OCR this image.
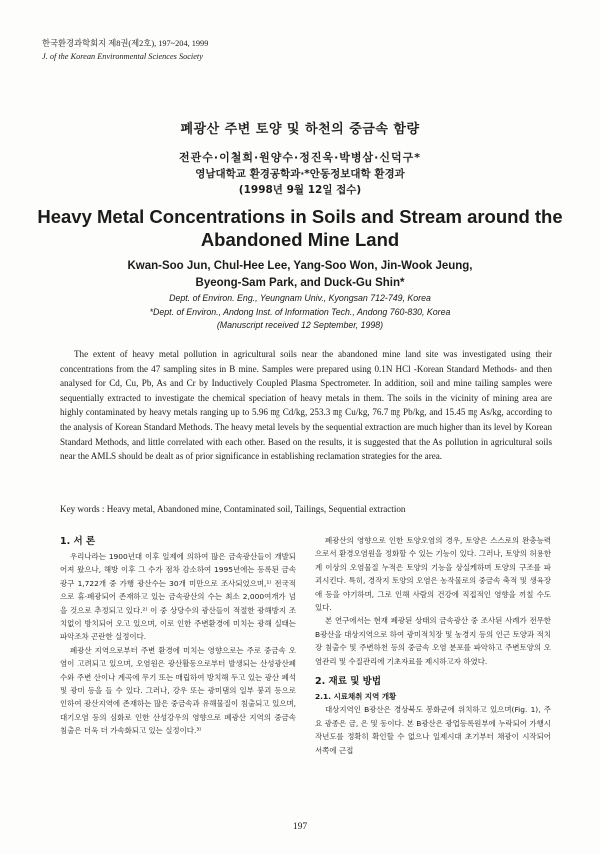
한국환경과학회지 제8권(제2호), 197~204, 1999
J. of the Korean Environmental Sciences Society
폐광산 주변 토양 및 하천의 중금속 함량
전관수·이철희·원양수·정진욱·박병삼·신덕구*
영남대학교 환경공학과·*안동정보대학 환경과
(1998년 9월 12일 접수)
Heavy Metal Concentrations in Soils and Stream around the
Abandoned Mine Land
Kwan-Soo Jun, Chul-Hee Lee, Yang-Soo Won, Jin-Wook Jeung,
Byeong-Sam Park, and Duck-Gu Shin*
Dept. of Environ. Eng., Yeungnam Univ., Kyongsan 712-749, Korea
*Dept. of Environ., Andong Inst. of Information Tech., Andong 760-830, Korea
(Manuscript received 12 September, 1998)

The extent of heavy metal pollution in agricultural soils near the abandoned mine land site was investigated using their concentrations from the 47 sampling sites in B mine. Samples were prepared using 0.1N HCl -Korean Standard Methods- and then analysed for Cd, Cu, Pb, As and Cr by Inductively Coupled Plasma Spectrometer. In addition, soil and mine tailing samples were sequentially extracted to investigate the chemical speciation of heavy metals in them. The soils in the vicinity of mining area are highly contaminated by heavy metals ranging up to 5.96 ㎎ Cd/kg, 253.3 ㎎ Cu/kg, 76.7 ㎎ Pb/kg, and 15.45 ㎎ As/kg, according to the analysis of Korean Standard Methods. The heavy metal levels by the sequential extraction are much higher than its level by Korean Standard Methods, and little correlated with each other. Based on the results, it is suggested that the As pollution in agricultural soils near the AMLS should be dealt as of prior significance in establishing reclamation strategies for the area.

Key words : Heavy metal, Abandoned mine, Contaminated soil, Tailings, Sequential extraction

1. 서 론

우리나라는 1900년대 이후 일제에 의하여 많은 금속광산들이 개발되어져 왔으나, 해방 이후 그 수가 점차 감소하여 1995년에는 등록된 금속광구 1,722개 중 가행 광산수는 30개 미만으로 조사되었으며,¹⁾ 전국적으로 휴·폐광되어 존재하고 있는 금속광산의 수는 최소 2,000여개가 넘을 것으로 추정되고 있다.²⁾ 이 중 상당수의 광산들이 적절한 광해방지 조치없이 방치되어 오고 있으며, 이로 인한 주변환경에 미치는 광해 실태는 파악조차 곤란한 실정이다.

폐광산 지역으로부터 주변 환경에 미치는 영향으로는 주로 중금속 오염이 고려되고 있으며, 오염원은 광산활동으로부터 발생되는 산성광산폐수와 주변 산이나 계곡에 무기 또는 매립하여 방치해 두고 있는 광산 폐석 및 광미 등을 들 수 있다. 그러나, 강우 또는 광미댐의 일부 붕괴 등으로 인하여 광산지역에 존재하는 많은 중금속과 유해물질이 침출되고 있으며, 대기오염 등의 심화로 인한 산성강우의 영향으로 폐광산 지역의 중금속 침출은 더욱 더 가속화되고 있는 실정이다.³⁾

폐광산의 영향으로 인한 토양오염의 경우, 토양은 스스로의 완충능력으로서 환경오염원을 정화할 수 있는 기능이 있다. 그러나, 토양의 허용한계 이상의 오염물질 누적은 토양의 기능을 상실케하며 토양의 구조를 파괴시킨다. 특히, 경작지 토양의 오염은 농작물로의 중금속 축적 및 생육장애 등을 야기하며, 그로 인해 사람의 건강에 직접적인 영향을 끼칠 수도 있다.

본 연구에서는 현재 폐광된 상태의 금속광산 중 조사된 사례가 전무한 B광산을 대상지역으로 하여 광미적치장 및 농경지 등의 인근 토양과 적치장 침출수 및 주변하천 등의 중금속 오염 분포를 파악하고 주변토양의 오염관리 및 수질관리에 기초자료를 제시하고자 하였다.

2. 재료 및 방법

2.1. 시료채취 지역 개황

대상지역인 B광산은 경상북도 봉화군에 위치하고 있으며(Fig. 1), 주요 광종은 금, 은 및 동이다. 본 B광산은 광업등록원부에 누락되어 가행시작년도를 정확히 확인할 수 없으나 일제시대 초기부터 채광이 시작되어 서쪽에 근접

197
